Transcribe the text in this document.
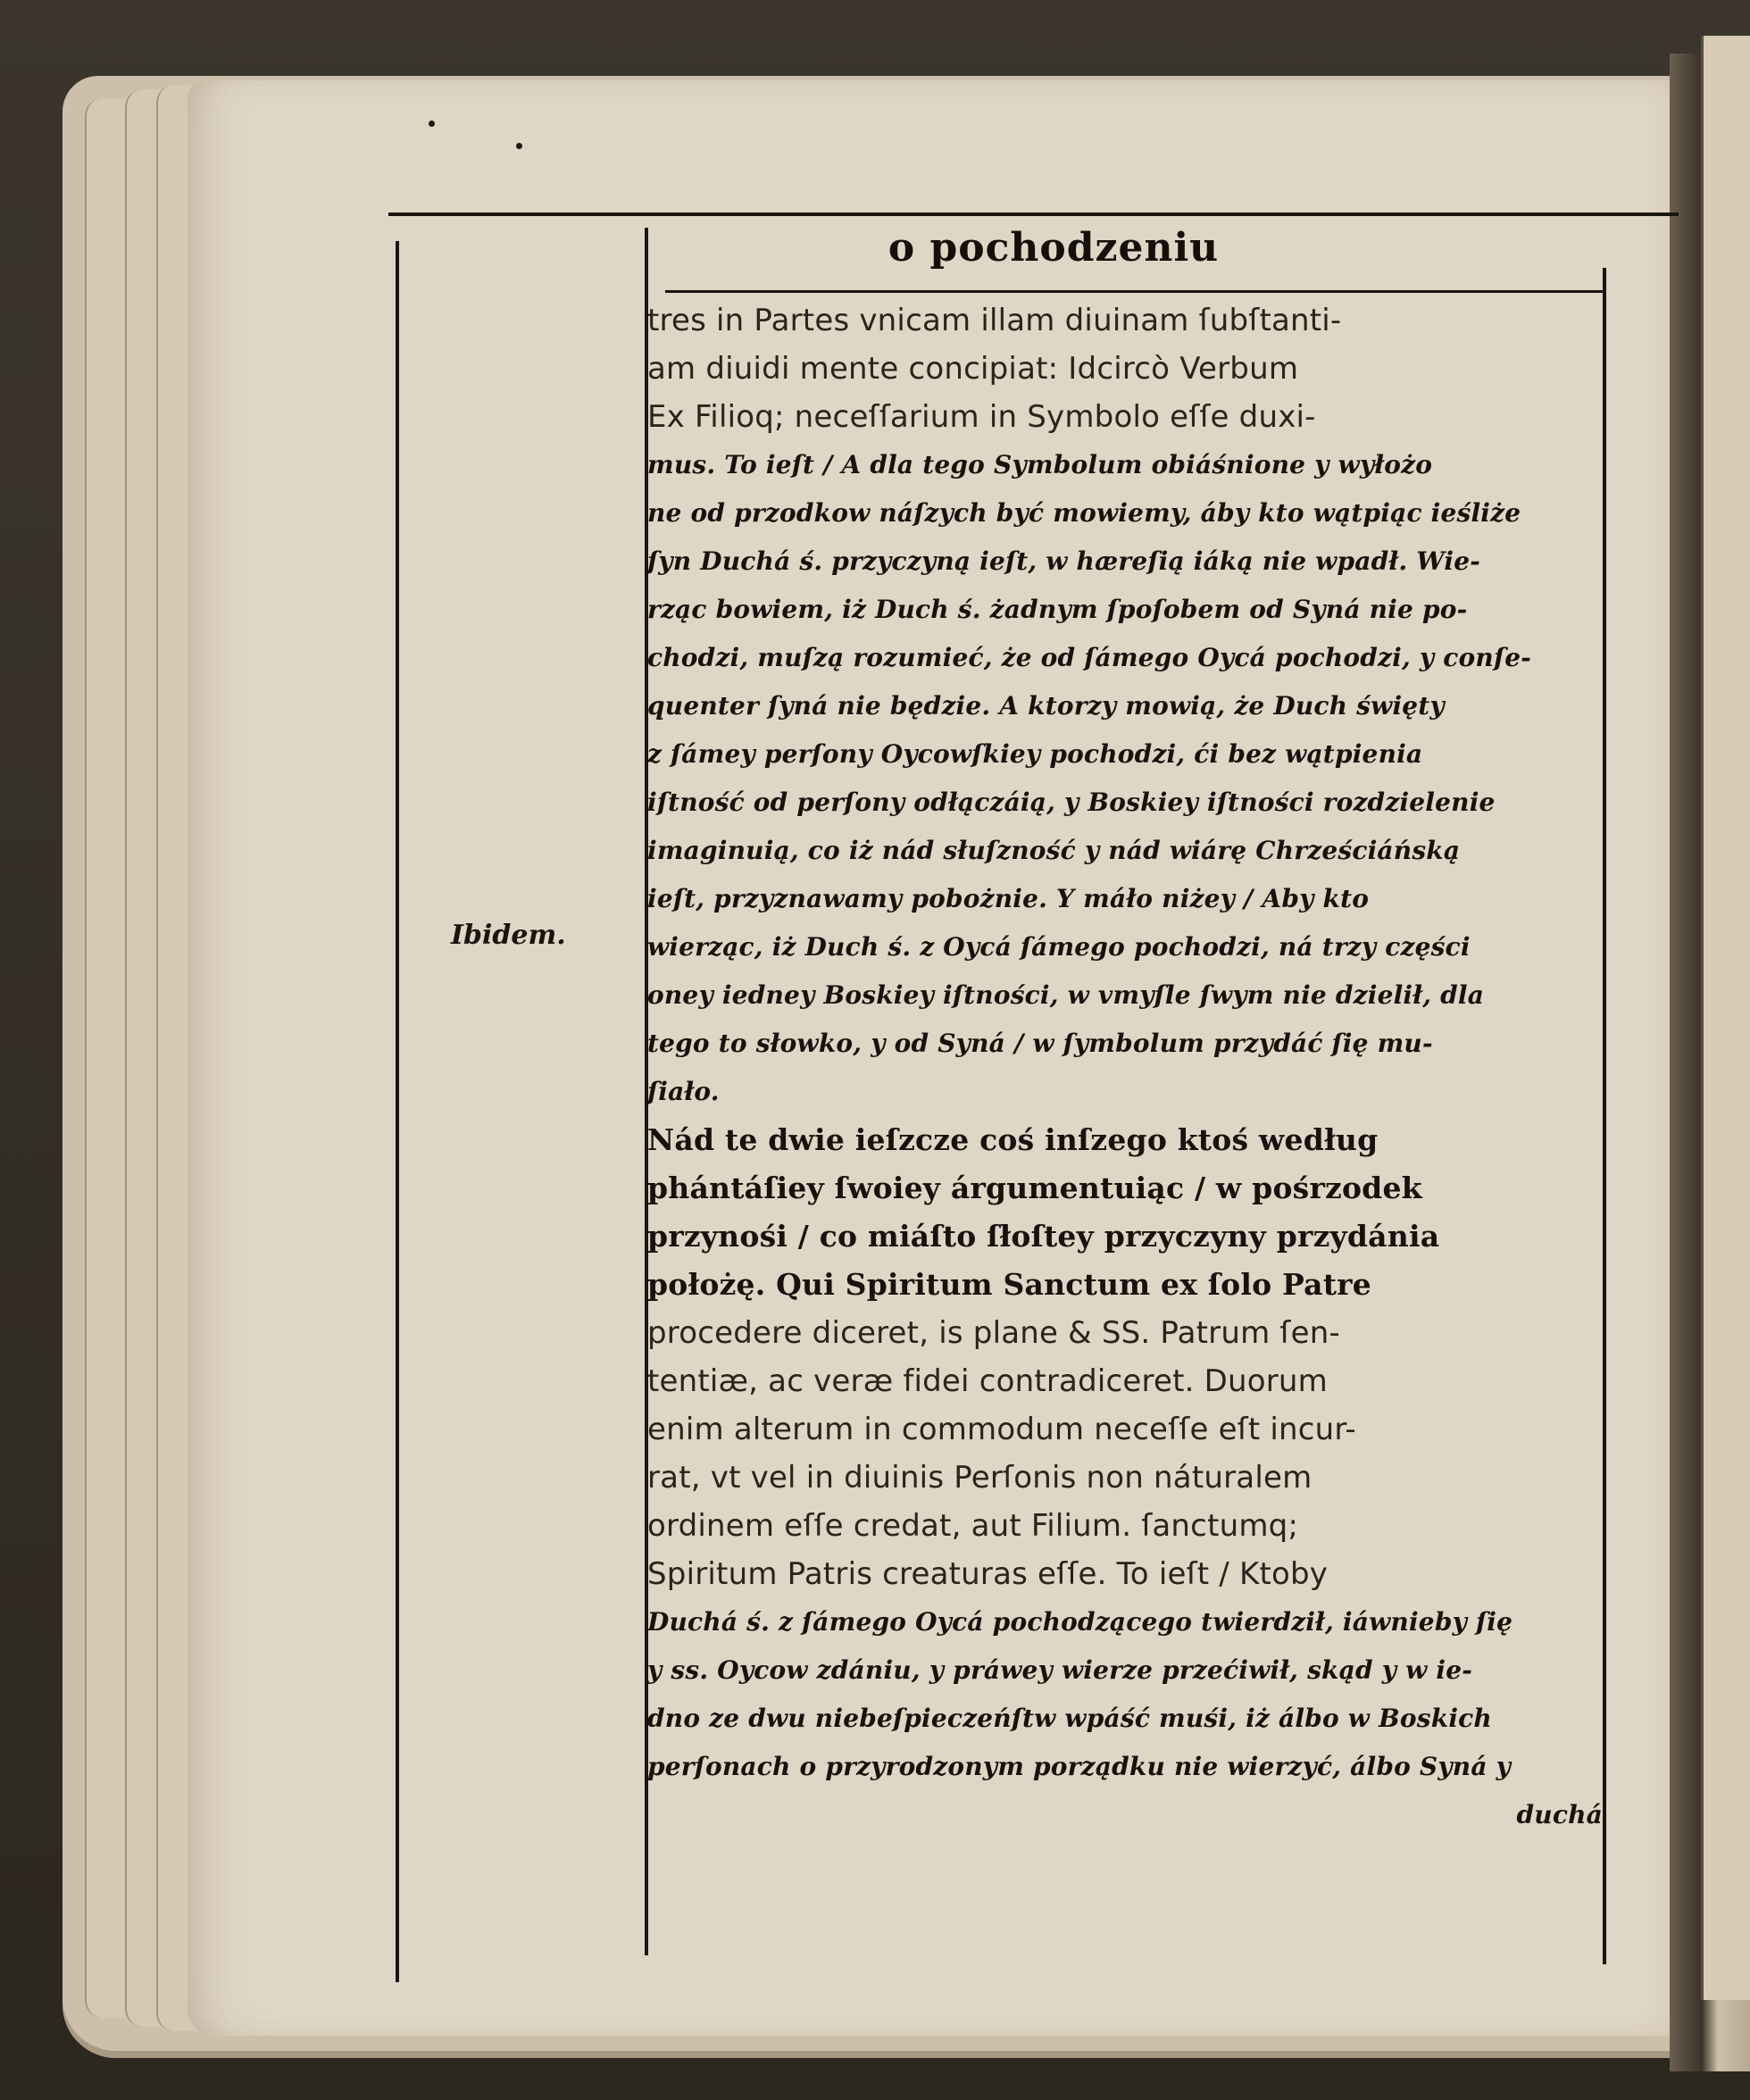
o pochodzeniu
Ibidem.
tres in Partes vnicam illam diuinam ſubſtanti-
am diuidi mente concipiat: Idcircò Verbum
Ex Filioq; neceſſarium in Symbolo eſſe duxi-
mus. To ieſt / A dla tego Symbolum obiáśnione y wyłożo
ne od przodkow náſzych być mowiemy, áby kto wątpiąc ieśliże
ſyn Duchá ś. przyczyną ieſt, w hæreſią iáką nie wpadł. Wie-
rząc bowiem, iż Duch ś. żadnym ſpoſobem od Syná nie po-
chodzi, muſzą rozumieć, że od ſámego Oycá pochodzi, y conſe-
quenter ſyná nie będzie. A ktorzy mowią, że Duch święty
z ſámey perſony Oycowſkiey pochodzi, ći bez wątpienia
iſtność od perſony odłączáią, y Boskiey iſtności rozdzielenie
imaginuią, co iż nád słuſzność y nád wiárę Chrześciáńską
ieſt, przyznawamy pobożnie. Y máło niżey / Aby kto
wierząc, iż Duch ś. z Oycá ſámego pochodzi, ná trzy części
oney iedney Boskiey iſtności, w vmyſle ſwym nie dzielił, dla
tego to słowko, y od Syná / w ſymbolum przydáć ſię mu-
ſiało.
Nád te dwie ieſzcze coś inſzego ktoś według
phántáſiey ſwoiey árgumentuiąc / w pośrzodek
przynośi / co miáſto ſłoſtey przyczyny przydánia
położę. Qui Spiritum Sanctum ex ſolo Patre
procedere diceret, is plane & SS. Patrum ſen-
tentiæ, ac veræ fidei contradiceret. Duorum
enim alterum in commodum neceſſe eſt incur-
rat, vt vel in diuinis Perſonis non náturalem
ordinem eſſe credat, aut Filium. ſanctumq;
Spiritum Patris creaturas eſſe. To ieſt / Ktoby
Duchá ś. z ſámego Oycá pochodzącego twierdził, iáwnieby ſię
y ss. Oycow zdániu, y práwey wierze przećiwił, skąd y w ie-
dno ze dwu niebeſpieczeńſtw wpáść muśi, iż álbo w Boskich
perſonach o przyrodzonym porządku nie wierzyć, álbo Syná y
duchá
